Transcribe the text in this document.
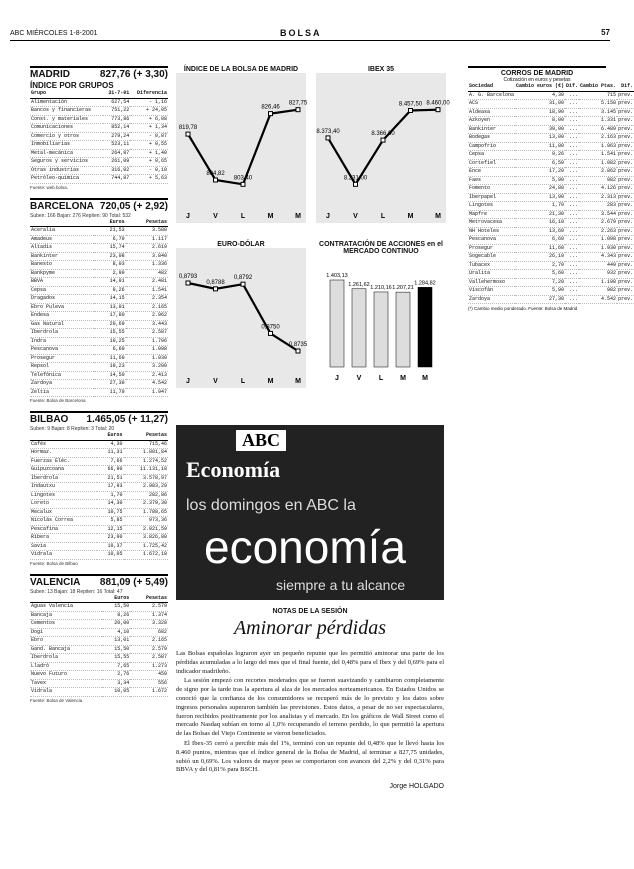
ABC MIÉRCOLES 1-8-2001	BOLSA	57
MADRID	827,76 (+ 3,30)
ÍNDICE POR GRUPOS
Grupo	31-7-01	Diferencia
Alimentación	627,54	- 1,16
Bancos y financieras	751,22	+ 24,05
Const. y materiales	773,86	+ 6,08
Comunicaciones	852,14	+ 1,34
Comercio y otros	279,24	- 0,87
Inmobiliarias	523,11	+ 0,55
Metal-mecánica	264,87	+ 1,40
Seguros y servicios	261,09	+ 0,65
Otras industrias	316,02	- 0,10
Petróleo-química	744,87	+ 5,63
Fuente: web.bolsa.
BARCELONA 720,05 (+ 2,92)
Suben: 166 Bajan: 276 Repiten: 90 Total: 532
	Euros	Pesetas
Aceralia	21,53	3.580
Amadeus	6,70	1.117
Altadis	15,74	2.619
Bankinter	23,08	3.840
Banesto	8,03	1.336
Bankpyme	2,90	482
BBVA	14,91	2.481
Cepsa	9,26	1.541
Dragados	14,15	2.354
Ebro Puleva	13,01	2.165
Endesa	17,80	2.962
Gas Natural	20,69	3.443
Iberdrola	15,55	2.587
Indra	10,25	1.706
Pescanova	6,60	1.098
Prosegur	11,60	1.930
Repsol	19,23	3.200
Telefónica	14,50	2.413
Zardoya	27,30	4.542
Zeltia	11,70	1.947
Fuente: Bolsa de Barcelona
BILBAO 1.465,05 (+ 11,27)
Suben: 9 Bajan: 8 Repiten: 3 Total: 20
	Euros	Pesetas
Cafés	4,30	715,46
Hormaz.	11,31	1.881,84
Fuerzas Eléc.	7,66	1.274,52
Guipuzcoana	66,90	11.131,18
Iberdrola	21,51	3.578,97
Indautxu	17,93	2.983,29
Lingotes	1,70	282,86
Loreto	14,30	2.379,30
Mecalux	10,75	1.788,65
Nicolás Correa	5,85	973,36
Pescafina	12,15	2.021,59
Ribera	23,00	3.826,88
Savia	10,37	1.725,42
Vidrala	10,05	1.672,18
Fuente: Bolsa de Bilbao
VALENCIA 881,09 (+ 5,49)
Suben: 13 Bajan: 18 Repiten: 16 Total: 47
	Euros	Pesetas
Aguas Valencia	15,50	2.579
Bancaja	8,26	1.374
Cementos	20,00	3.328
Dogi	4,10	682
Ebro	13,01	2.165
Gand. Bancaja	15,50	2.579
Iberdrola	15,55	2.587
Lladró	7,65	1.273
Nuevo Futuro	2,76	459
Tavex	3,34	556
Vidrala	10,05	1.672
Fuente: Bolsa de Valencia
ÍNDICE DE LA BOLSA DE MADRID
819,78
J
804,82
V
803,40
L
826,46
M
827,75
M
IBEX 35
8.373,40
J
8.231,00
V
8.366,60
L
8.457,50
M
8.460,00
M
EURO-DÓLAR
0,8793
J
0,8788
V
0,8792
L
0,8750
M
0,8735
M
CONTRATACIÓN DE ACCIONES en el MERCADO CONTINUO
1.403,13
J
1.261,62
V
1.210,16
L
1.207,21
M
1.284,82
M
ABC
Economía
los domingos en ABC la
economía
siempre a tu alcance
NOTAS DE LA SESIÓN
Aminorar pérdidas

Las Bolsas españolas lograron ayer un pequeño repunte que les permitió aminorar una parte de los pérdidas acumuladas a lo largo del mes que el final fuente, del 0,48% para el Ibex y del 0,69% para el indicador madrileño.

La sesión empezó con recortes moderados que se fueron suavizando y cambiaron completamente de signo por la tarde tras la apertura al alza de los mercados norteamericanos. En Estados Unidos se conoció que la confianza de los consumidores se recuperó más de lo previsto y los datos sobre ingresos personales superaron también las previsiones. Estos datos, a pesar de no ser espectaculares, fueron recibidos positivamente por los analistas y el mercado. En los gráficos de Wall Street como el mercado Nasdaq subían en torno al 1,0% recuperando el terreno perdido, lo que permitió la apertura de las Bolsas del Viejo Continente se vieron beneficiados.

El Ibex-35 cerró a percibir más del 1%, terminó con un repunte del 0,48% que le llevó hasta los 8.460 puntos, mientras que el índice general de la Bolsa de Madrid, al terminar a 827,75 unidades, subió un 0,69%. Los valores de mayor peso se comportaron con avances del 2,2% y del 0,31% para BBVA y del 0,81% para BSCH.

Jorge HOLGADO
CORROS DE MADRID
Cotización en euros y pesetas
Sociedad	Cambio euros (€)	Dif.	Cambio Ptas.	Dif.
A. G. Barcelona	4,30	...	715	prev.
ACS	31,00	...	5.158	prev.
Aldeasa	18,90	...	3.145	prev.
Azkoyen	8,00	...	1.331	prev.
Bankinter	39,00	...	6.489	prev.
Bodegas	13,00	...	2.163	prev.
Campofrío	11,80	...	1.963	prev.
Cepsa	9,26	...	1.541	prev.
Cortefiel	6,50	...	1.082	prev.
Ence	17,20	...	2.862	prev.
Faes	5,90	...	982	prev.
Fomento	24,80	...	4.126	prev.
Iberpapel	13,90	...	2.313	prev.
Lingotes	1,70	...	283	prev.
Mapfre	21,30	...	3.544	prev.
Metrovacesa	16,10	...	2.679	prev.
NH Hoteles	13,60	...	2.263	prev.
Pescanova	6,60	...	1.098	prev.
Prosegur	11,60	...	1.930	prev.
Sogecable	26,10	...	4.343	prev.
Tubacex	2,70	...	449	prev.
Uralita	5,60	...	932	prev.
Vallehermoso	7,20	...	1.198	prev.
Viscofán	5,90	...	982	prev.
Zardoya	27,30	...	4.542	prev.
(*) Cambio medio ponderado. Fuente: Bolsa de Madrid
